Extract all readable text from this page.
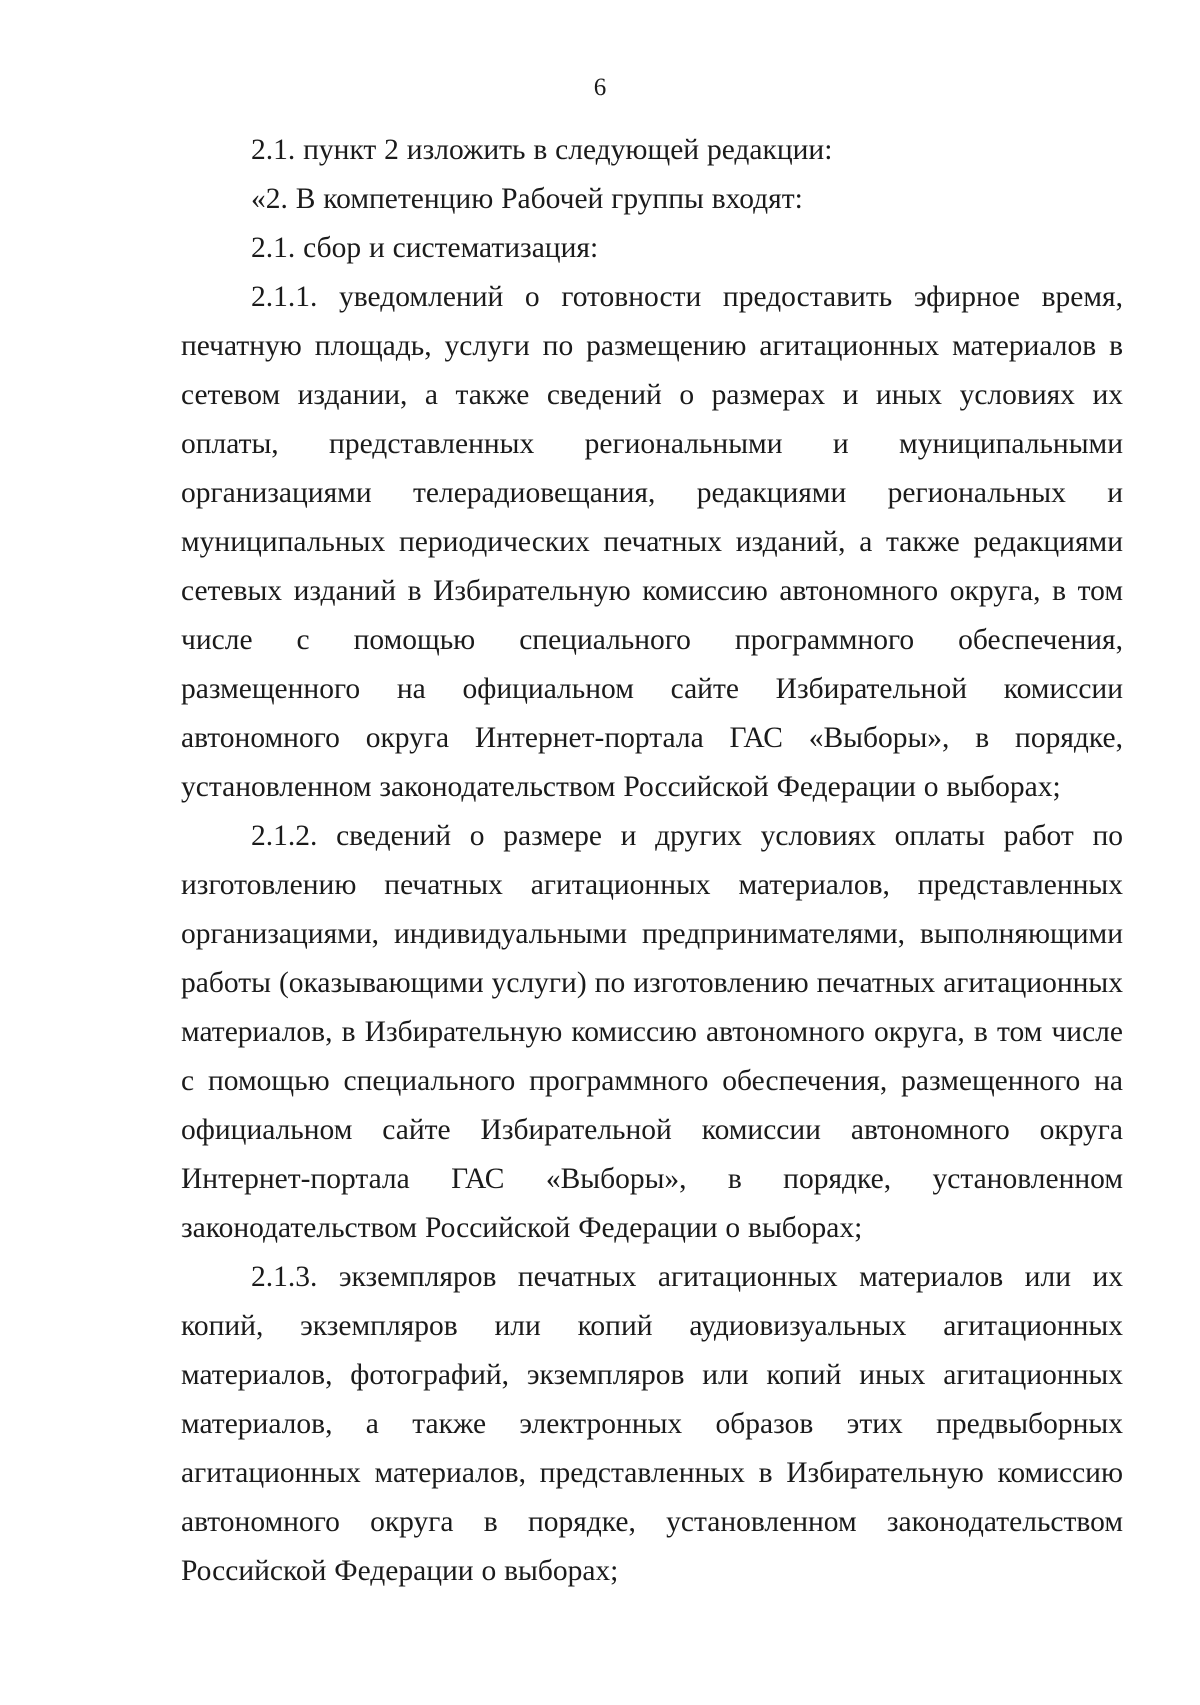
6

2.1. пункт 2 изложить в следующей редакции:

«2. В компетенцию Рабочей группы входят:

2.1. сбор и систематизация:

2.1.1. уведомлений о готовности предоставить эфирное время, печатную площадь, услуги по размещению агитационных материалов в сетевом издании, а также сведений о размерах и иных условиях их оплаты, представленных региональными и муниципальными организациями телерадиовещания, редакциями региональных и муниципальных периодических печатных изданий, а также редакциями сетевых изданий в Избирательную комиссию автономного округа, в том числе с помощью специального программного обеспечения, размещенного на официальном сайте Избирательной комиссии автономного округа Интернет-портала ГАС «Выборы», в порядке, установленном законодательством Российской Федерации о выборах;

2.1.2. сведений о размере и других условиях оплаты работ по изготовлению печатных агитационных материалов, представленных организациями, индивидуальными предпринимателями, выполняющими работы (оказывающими услуги) по изготовлению печатных агитационных материалов, в Избирательную комиссию автономного округа, в том числе с помощью специального программного обеспечения, размещенного на официальном сайте Избирательной комиссии автономного округа Интернет-портала ГАС «Выборы», в порядке, установленном законодательством Российской Федерации о выборах;

2.1.3. экземпляров печатных агитационных материалов или их копий, экземпляров или копий аудиовизуальных агитационных материалов, фотографий, экземпляров или копий иных агитационных материалов, а также электронных образов этих предвыборных агитационных материалов, представленных в Избирательную комиссию автономного округа в порядке, установленном законодательством Российской Федерации о выборах;
